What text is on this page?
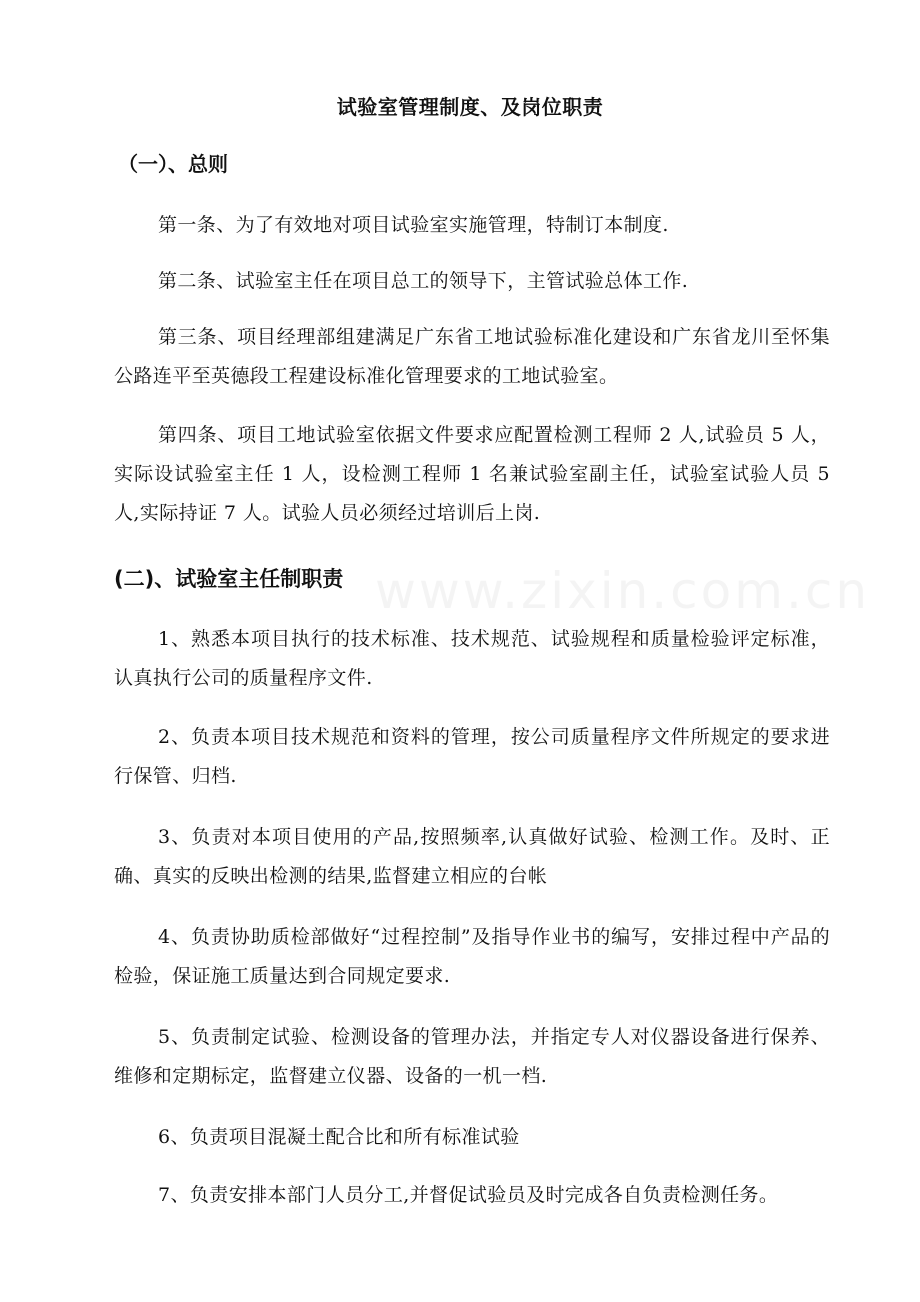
www.zixin.com.cn
试验室管理制度、及岗位职责
（一）、总则
第一条、为了有效地对项目试验室实施管理，特制订本制度.
第二条、试验室主任在项目总工的领导下，主管试验总体工作.
第三条、项目经理部组建满足广东省工地试验标准化建设和广东省龙川至怀集公路连平至英德段工程建设标准化管理要求的工地试验室。
第四条、项目工地试验室依据文件要求应配置检测工程师 2 人,试验员 5 人，实际设试验室主任 1 人，设检测工程师 1 名兼试验室副主任，试验室试验人员 5 人,实际持证 7 人。试验人员必须经过培训后上岗.
(二)、试验室主任制职责
1、熟悉本项目执行的技术标准、技术规范、试验规程和质量检验评定标准，认真执行公司的质量程序文件.
2、负责本项目技术规范和资料的管理，按公司质量程序文件所规定的要求进行保管、归档.
3、负责对本项目使用的产品,按照频率,认真做好试验、检测工作。及时、正确、真实的反映出检测的结果,监督建立相应的台帐
4、负责协助质检部做好“过程控制”及指导作业书的编写，安排过程中产品的检验，保证施工质量达到合同规定要求.
5、负责制定试验、检测设备的管理办法，并指定专人对仪器设备进行保养、维修和定期标定，监督建立仪器、设备的一机一档.
6、负责项目混凝土配合比和所有标准试验
7、负责安排本部门人员分工,并督促试验员及时完成各自负责检测任务。
